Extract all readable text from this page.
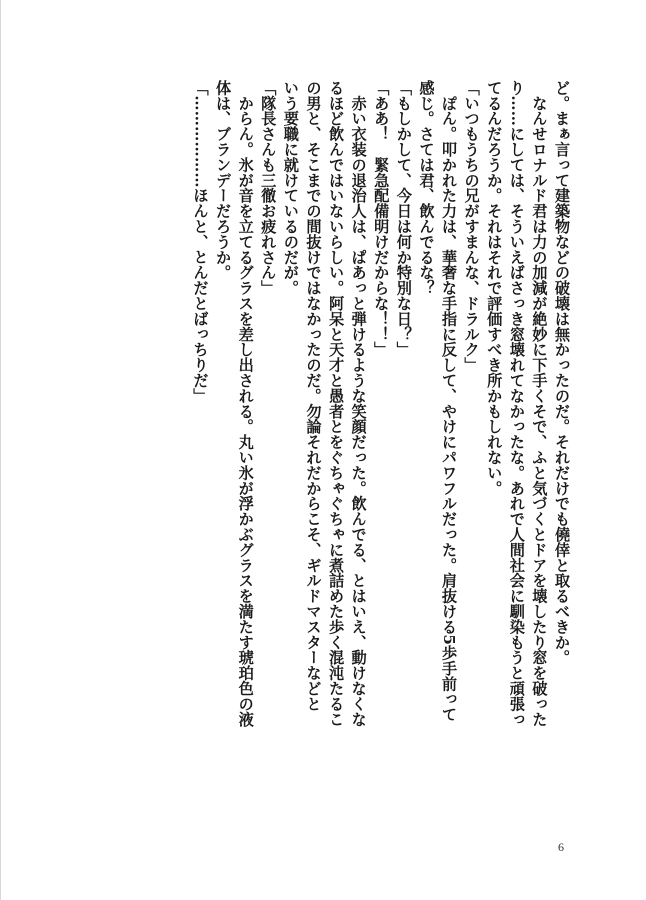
ど。まぁ言って建築物などの破壊は無かったのだ。それだけでも僥倖と取るべきか。
　なんせロナルド君は力の加減が絶妙に下手くそで、ふと気づくとドアを壊したり窓を破った
り……にしては、そういえばさっき窓壊れてなかったな。あれで人間社会に馴染もうと頑張っ
てるんだろうか。それはそれで評価すべき所かもしれない。
「いつもうちの兄がすまんな、ドラルク」
　ぽん。叩かれた力は、華奢な手指に反して、やけにパワフルだった。肩抜ける5歩手前って
感じ。さては君、飲んでるな？
「もしかして、今日は何か特別な日？」
「ああ！　緊急配備明けだからな！！」
　赤い衣装の退治人は、ぱあっと弾けるような笑顔だった。飲んでる、とはいえ、動けなくな
るほど飲んではいないらしい。阿呆と天才と愚者とをぐちゃぐちゃに煮詰めた歩く混沌たるこ
の男と、そこまでの間抜けではなかったのだ。勿論それだからこそ、ギルドマスターなどと
いう要職に就けているのだが。
「隊長さんも三徹お疲れさん」
　からん。氷が音を立てるグラスを差し出される。丸い氷が浮かぶグラスを満たす琥珀色の液
体は、ブランデーだろうか。
「………………ほんと、とんだとばっちりだ」
6
